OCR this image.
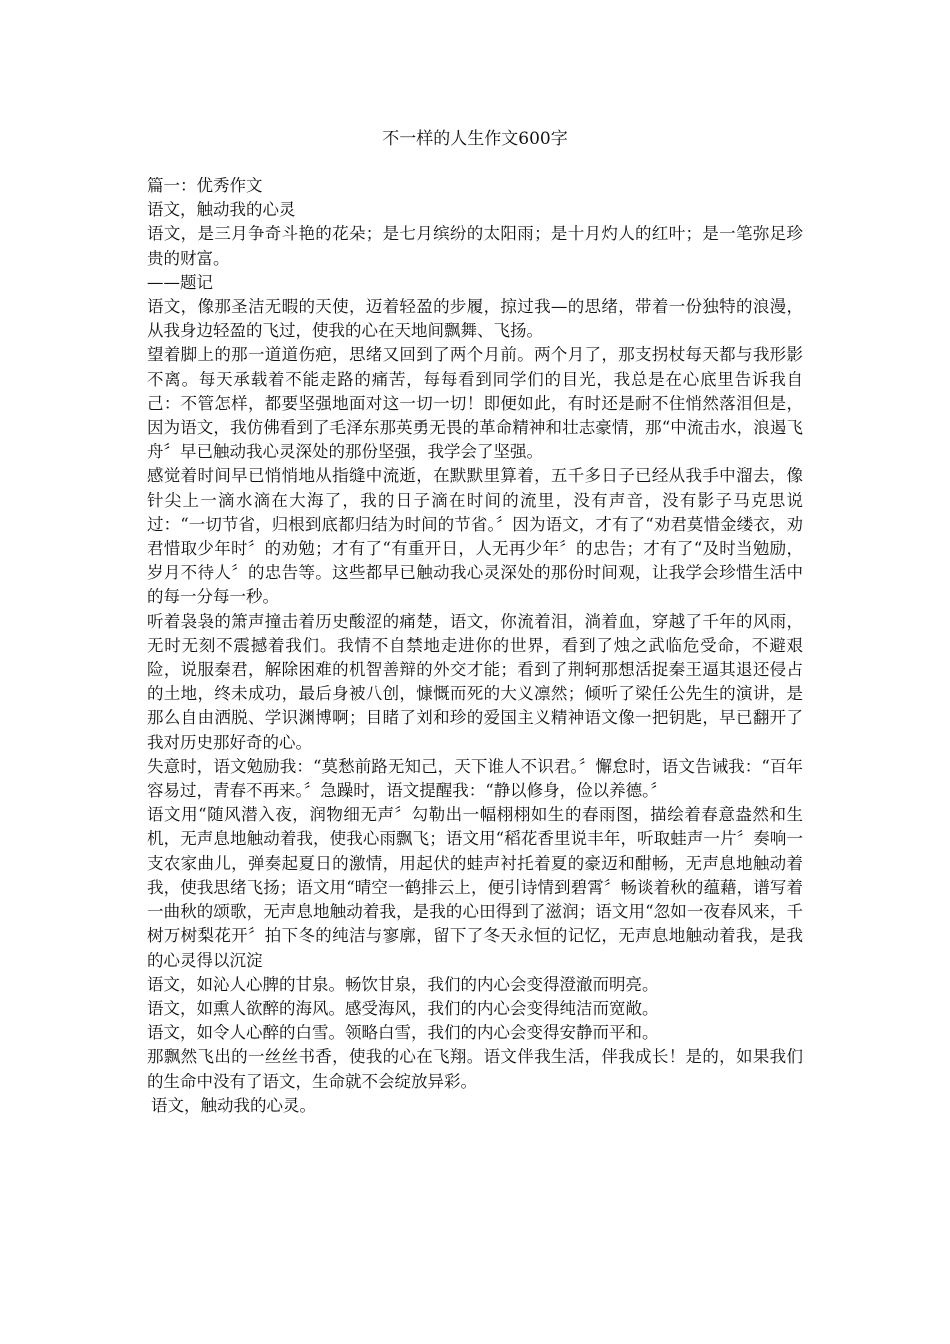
不一样的人生作文600字

篇一：优秀作文

语文，触动我的心灵

语文，是三月争奇斗艳的花朵；是七月缤纷的太阳雨；是十月灼人的红叶；是一笔弥足珍贵的财富。

——题记

语文，像那圣洁无暇的天使，迈着轻盈的步履，掠过我—的思绪，带着一份独特的浪漫，从我身边轻盈的飞过，使我的心在天地间飘舞、飞扬。

望着脚上的那一道道伤疤，思绪又回到了两个月前。两个月了，那支拐杖每天都与我形影不离。每天承载着不能走路的痛苦，每每看到同学们的目光，我总是在心底里告诉我自己：不管怎样，都要坚强地面对这一切一切！即便如此，有时还是耐不住悄然落泪但是，因为语文，我仿佛看到了毛泽东那英勇无畏的革命精神和壮志豪情，那“中流击水，浪遏飞舟〞早已触动我心灵深处的那份坚强，我学会了坚强。

感觉着时间早已悄悄地从指缝中流逝，在默默里算着，五千多日子已经从我手中溜去，像针尖上一滴水滴在大海了，我的日子滴在时间的流里，没有声音，没有影子马克思说过：“一切节省，归根到底都归结为时间的节省。〞因为语文，才有了“劝君莫惜金缕衣，劝君惜取少年时〞的劝勉；才有了“有重开日，人无再少年〞的忠告；才有了“及时当勉励，岁月不待人〞的忠告等。这些都早已触动我心灵深处的那份时间观，让我学会珍惜生活中的每一分每一秒。

听着袅袅的箫声撞击着历史酸涩的痛楚，语文，你流着泪，淌着血，穿越了千年的风雨，无时无刻不震撼着我们。我情不自禁地走进你的世界，看到了烛之武临危受命，不避艰险，说服秦君，解除困难的机智善辩的外交才能；看到了荆轲那想活捉秦王逼其退还侵占的土地，终未成功，最后身被八创，慷慨而死的大义凛然；倾听了梁任公先生的演讲，是那么自由洒脱、学识渊博啊；目睹了刘和珍的爱国主义精神语文像一把钥匙，早已翻开了我对历史那好奇的心。

失意时，语文勉励我：“莫愁前路无知己，天下谁人不识君。〞懈怠时，语文告诫我：“百年容易过，青春不再来。〞急躁时，语文提醒我：“静以修身，俭以养德。〞

语文用“随风潜入夜，润物细无声〞勾勒出一幅栩栩如生的春雨图，描绘着春意盎然和生机，无声息地触动着我，使我心雨飘飞；语文用“稻花香里说丰年，听取蛙声一片〞奏响一支农家曲儿，弹奏起夏日的激情，用起伏的蛙声衬托着夏的豪迈和酣畅，无声息地触动着我，使我思绪飞扬；语文用“晴空一鹤排云上，便引诗情到碧霄〞畅谈着秋的蕴藉，谱写着一曲秋的颂歌，无声息地触动着我，是我的心田得到了滋润；语文用“忽如一夜春风来，千树万树梨花开〞拍下冬的纯洁与寥廓，留下了冬天永恒的记忆，无声息地触动着我，是我的心灵得以沉淀

语文，如沁人心脾的甘泉。畅饮甘泉，我们的内心会变得澄澈而明亮。

语文，如熏人欲醉的海风。感受海风，我们的内心会变得纯洁而宽敞。

语文，如令人心醉的白雪。领略白雪，我们的内心会变得安静而平和。

那飘然飞出的一丝丝书香，使我的心在飞翔。语文伴我生活，伴我成长！是的，如果我们的生命中没有了语文，生命就不会绽放异彩。

语文，触动我的心灵。
